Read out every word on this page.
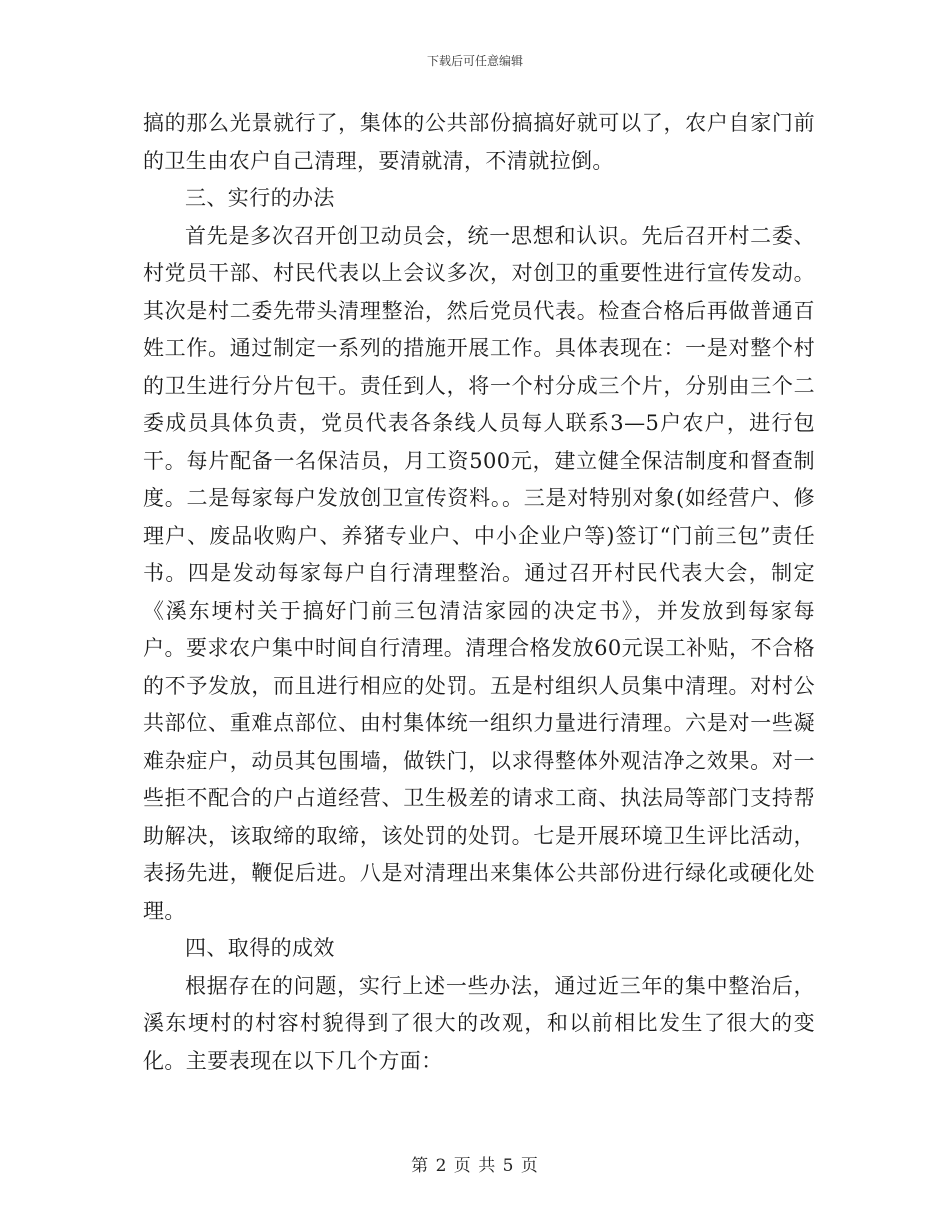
下载后可任意编辑

搞的那么光景就行了，集体的公共部份搞搞好就可以了，农户自家门前的卫生由农户自己清理，要清就清，不清就拉倒。

三、实行的办法

首先是多次召开创卫动员会，统一思想和认识。先后召开村二委、村党员干部、村民代表以上会议多次，对创卫的重要性进行宣传发动。其次是村二委先带头清理整治，然后党员代表。检查合格后再做普通百姓工作。通过制定一系列的措施开展工作。具体表现在：一是对整个村的卫生进行分片包干。责任到人，将一个村分成三个片，分别由三个二委成员具体负责，党员代表各条线人员每人联系3—5户农户，进行包干。每片配备一名保洁员，月工资500元，建立健全保洁制度和督查制度。二是每家每户发放创卫宣传资料。。三是对特别对象(如经营户、修理户、废品收购户、养猪专业户、中小企业户等)签订“门前三包”责任书。四是发动每家每户自行清理整治。通过召开村民代表大会，制定《溪东埂村关于搞好门前三包清洁家园的决定书》，并发放到每家每户。要求农户集中时间自行清理。清理合格发放60元误工补贴，不合格的不予发放，而且进行相应的处罚。五是村组织人员集中清理。对村公共部位、重难点部位、由村集体统一组织力量进行清理。六是对一些凝难杂症户，动员其包围墙，做铁门，以求得整体外观洁净之效果。对一些拒不配合的户占道经营、卫生极差的请求工商、执法局等部门支持帮助解决，该取缔的取缔，该处罚的处罚。七是开展环境卫生评比活动，表扬先进，鞭促后进。八是对清理出来集体公共部份进行绿化或硬化处理。

四、取得的成效

根据存在的问题，实行上述一些办法，通过近三年的集中整治后，溪东埂村的村容村貌得到了很大的改观，和以前相比发生了很大的变化。主要表现在以下几个方面：

第 2 页 共 5 页
